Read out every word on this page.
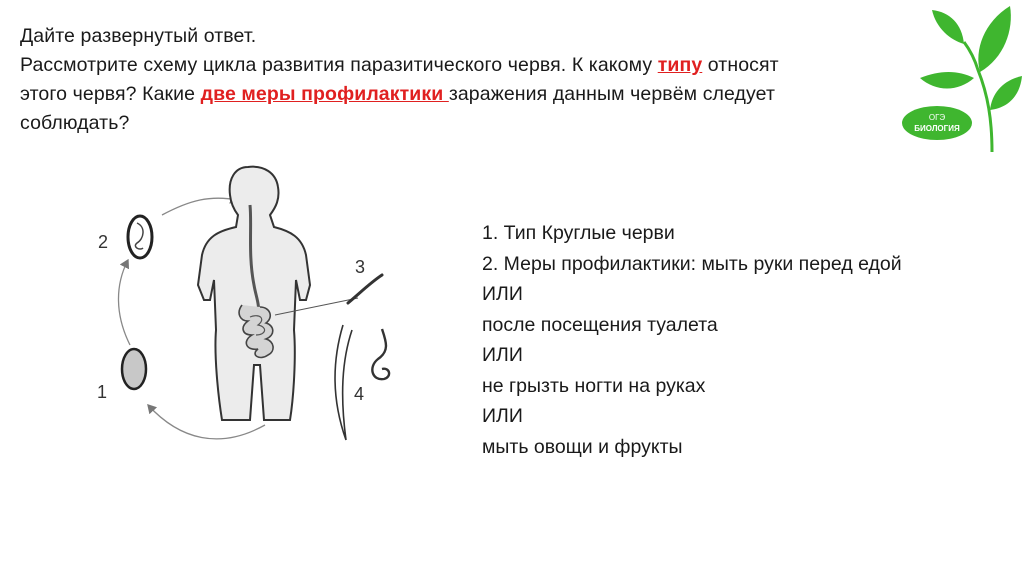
Дайте развернутый ответ.
Рассмотрите схему цикла развития паразитического червя. К какому типу относят
этого червя? Какие две меры профилактики заражения данным червём следует
соблюдать?
1
2
3
4
1. Тип Круглые черви
2. Меры профилактики: мыть руки перед едой
ИЛИ
после посещения туалета
ИЛИ
не грызть ногти на руках
ИЛИ
мыть овощи и фрукты
ОГЭ
БИОЛОГИЯ
